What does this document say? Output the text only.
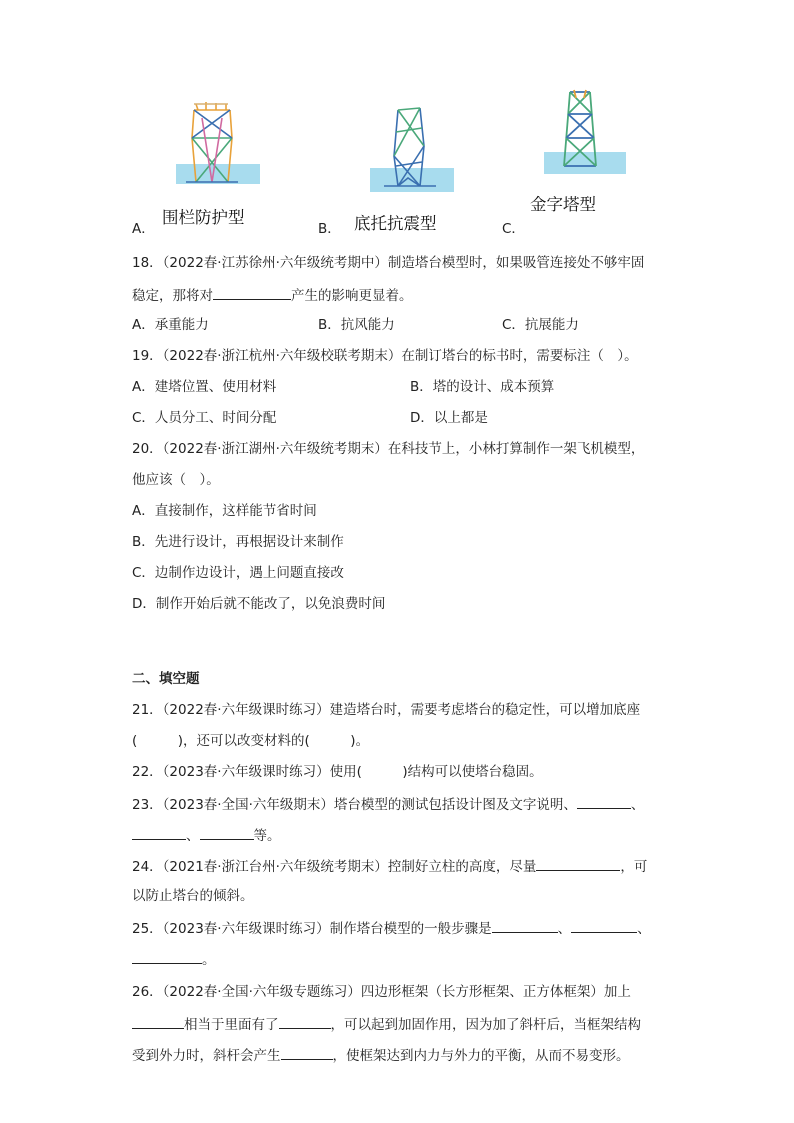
围栏防护型	底托抗震型
金字塔型
A．	B．	C．
18．（2022春·江苏徐州·六年级统考期中）制造塔台模型时，如果吸管连接处不够牢固
稳定，那将对	产生的影响更显着。
A．承重能力	B．抗风能力	C．抗展能力
19．（2022春·浙江杭州·六年级校联考期末）在制订塔台的标书时，需要标注（　）。
A．建塔位置、使用材料	B．塔的设计、成本预算
C．人员分工、时间分配	D．以上都是
20．（2022春·浙江湖州·六年级统考期末）在科技节上，小林打算制作一架飞机模型，
他应该（　）。
A．直接制作，这样能节省时间
B．先进行设计，再根据设计来制作
C．边制作边设计，遇上问题直接改
D．制作开始后就不能改了，以免浪费时间
二、填空题
21．（2022春·六年级课时练习）建造塔台时，需要考虑塔台的稳定性，可以增加底座
(　　　)，还可以改变材料的(　　　)。
22．（2023春·六年级课时练习）使用(　　　)结构可以使塔台稳固。
23．（2023春·全国·六年级期末）塔台模型的测试包括设计图及文字说明、	、
、	等。
24．（2021春·浙江台州·六年级统考期末）控制好立柱的高度，尽量	，可
以防止塔台的倾斜。
25．（2023春·六年级课时练习）制作塔台模型的一般步骤是	、	、
。
26．（2022春·全国·六年级专题练习）四边形框架（长方形框架、正方体框架）加上
相当于里面有了	，可以起到加固作用，因为加了斜杆后，当框架结构
受到外力时，斜杆会产生	，使框架达到内力与外力的平衡，从而不易变形。
